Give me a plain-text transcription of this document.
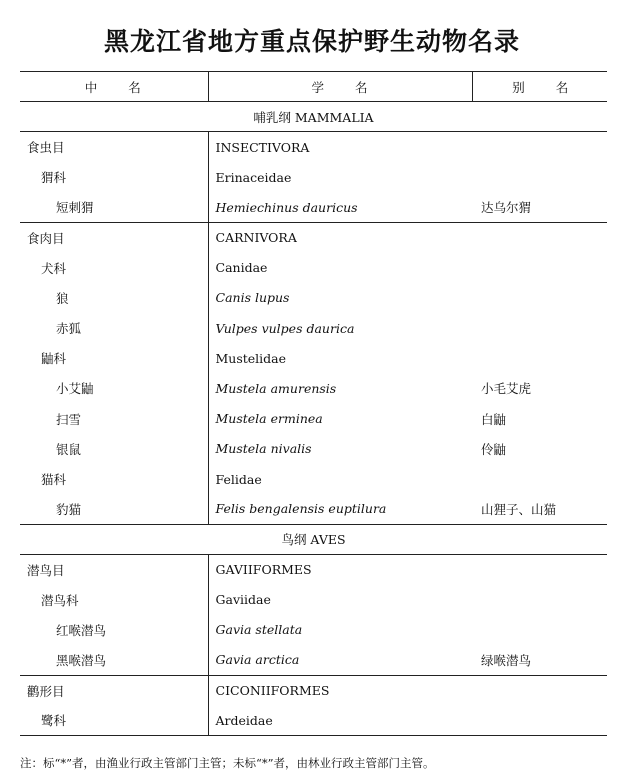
黑龙江省地方重点保护野生动物名录
中　　名	学　　名	别　　名
哺乳纲 MAMMALIA		
食虫目	INSECTIVORA	
猬科	Erinaceidae	
短刺猬	Hemiechinus dauricus	达乌尔猬
食肉目	CARNIVORA	
犬科	Canidae	
狼	Canis lupus	
赤狐	Vulpes vulpes daurica	
鼬科	Mustelidae	
小艾鼬	Mustela amurensis	小毛艾虎
扫雪	Mustela erminea	白鼬
银鼠	Mustela nivalis	伶鼬
猫科	Felidae	
豹猫	Felis bengalensis euptilura	山狸子、山猫
鸟纲 AVES		
潜鸟目	GAVIIFORMES	
潜鸟科	Gaviidae	
红喉潜鸟	Gavia stellata	
黑喉潜鸟	Gavia arctica	绿喉潜鸟
鹳形目	CICONIIFORMES	
鹭科	Ardeidae	
注：标“*”者，由渔业行政主管部门主管；未标“*”者，由林业行政主管部门主管。
